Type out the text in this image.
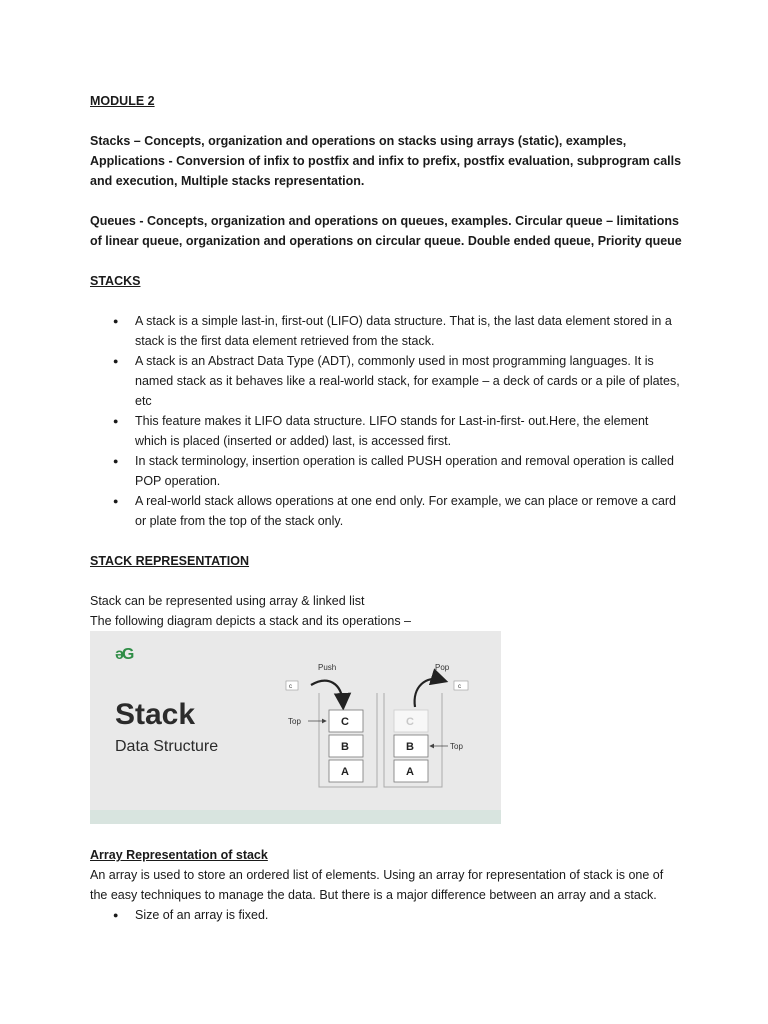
MODULE 2

Stacks – Concepts, organization and operations on stacks using arrays (static), examples, Applications - Conversion of infix to postfix and infix to prefix, postfix evaluation, subprogram calls and execution, Multiple stacks representation.

Queues - Concepts, organization and operations on queues, examples. Circular queue – limitations of linear queue, organization and operations on circular queue. Double ended queue, Priority queue

STACKS
● A stack is a simple last-in, first-out (LIFO) data structure. That is, the last data element stored in a stack is the first data element retrieved from the stack.
● A stack is an Abstract Data Type (ADT), commonly used in most programming languages. It is named stack as it behaves like a real-world stack, for example – a deck of cards or a pile of plates, etc
● This feature makes it LIFO data structure. LIFO stands for Last-in-first- out.Here, the element which is placed (inserted or added) last, is accessed first.
● In stack terminology, insertion operation is called PUSH operation and removal operation is called POP operation.
● A real-world stack allows operations at one end only. For example, we can place or remove a card or plate from the top of the stack only.
STACK REPRESENTATION

Stack can be represented using array & linked list

The following diagram depicts a stack and its operations –

əG
Stack
Data Structure
Push
c
C
B
A
Top
Pop
c
C
B
A
Top
Array Representation of stack

An array is used to store an ordered list of elements. Using an array for representation of stack is one of the easy techniques to manage the data. But there is a major difference between an array and a stack.

● Size of an array is fixed.
